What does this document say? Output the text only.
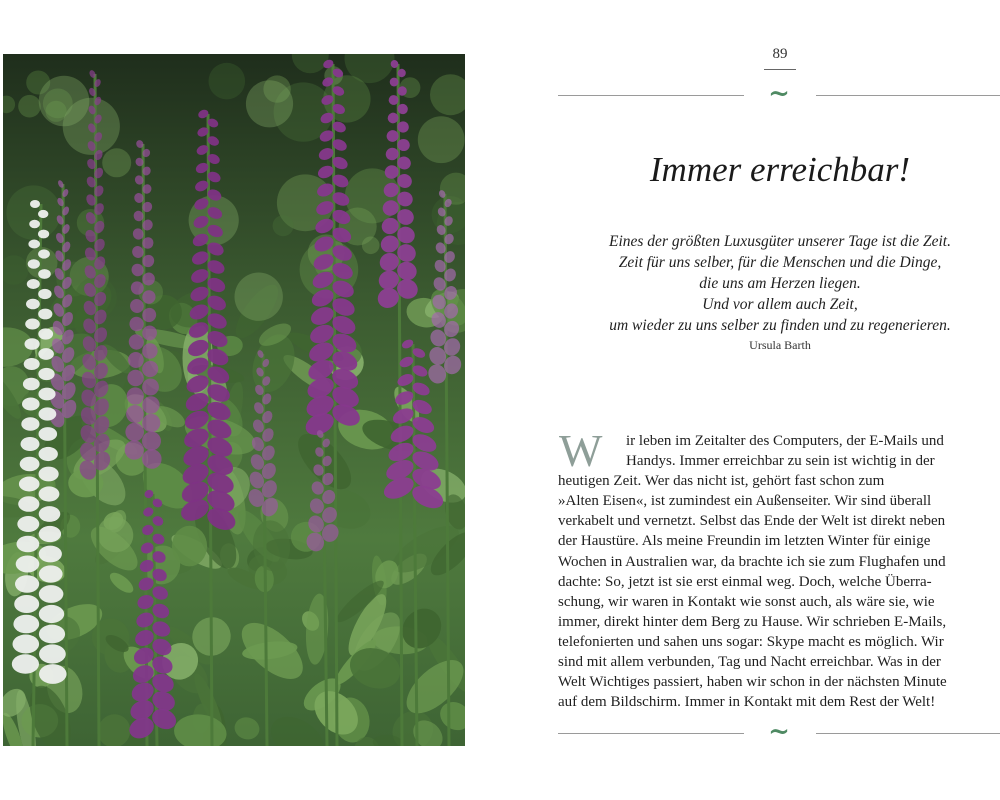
89
~
Immer erreichbar!
Eines der größten Luxusgüter unserer Tage ist die Zeit.
Zeit für uns selber, für die Menschen und die Dinge,
die uns am Herzen liegen.
Und vor allem auch Zeit,
um wieder zu uns selber zu finden und zu regenerieren.
Ursula Barth
W	ir leben im Zeitalter des Computers, der E-Mails und
Handys. Immer erreichbar zu sein ist wichtig in der
heutigen Zeit. Wer das nicht ist, gehört fast schon zum
»Alten Eisen«, ist zumindest ein Außenseiter. Wir sind überall
verkabelt und vernetzt. Selbst das Ende der Welt ist direkt neben
der Haustüre. Als meine Freundin im letzten Winter für einige
Wochen in Australien war, da brachte ich sie zum Flughafen und
dachte: So, jetzt ist sie erst einmal weg. Doch, welche Überra-
schung, wir waren in Kontakt wie sonst auch, als wäre sie, wie
immer, direkt hinter dem Berg zu Hause. Wir schrieben E-Mails,
telefonierten und sahen uns sogar: Skype macht es möglich. Wir
sind mit allem verbunden, Tag und Nacht erreichbar. Was in der
Welt Wichtiges passiert, haben wir schon in der nächsten Minute
auf dem Bildschirm. Immer in Kontakt mit dem Rest der Welt!
~
